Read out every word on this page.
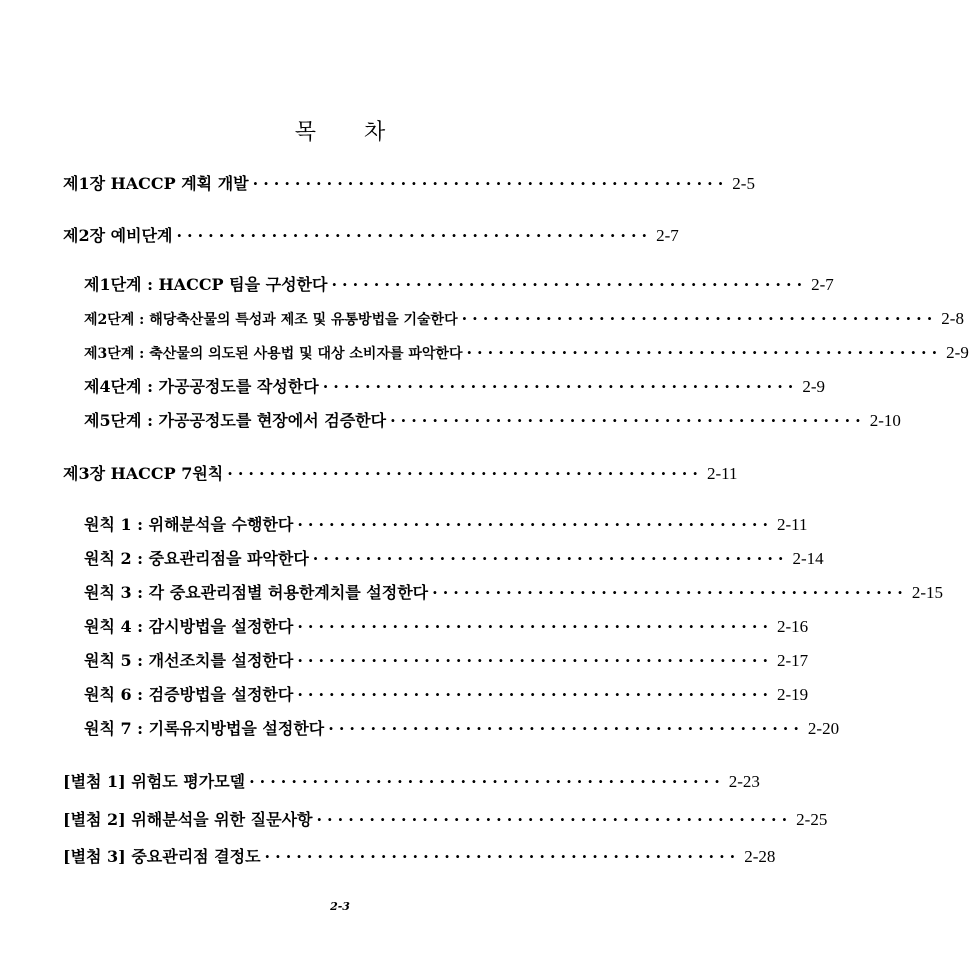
목 차
제1장 HACCP 계획 개발 ············································· 2-5
제2장 예비단계 ············································· 2-7
제1단계 : HACCP 팀을 구성한다 ············································· 2-7
제2단계 : 해당축산물의 특성과 제조 및 유통방법을 기술한다 ············································· 2-8
제3단계 : 축산물의 의도된 사용법 및 대상 소비자를 파악한다 ············································· 2-9
제4단계 : 가공공정도를 작성한다 ············································· 2-9
제5단계 : 가공공정도를 현장에서 검증한다 ············································· 2-10
제3장 HACCP 7원칙 ············································· 2-11
원칙 1 : 위해분석을 수행한다 ············································· 2-11
원칙 2 : 중요관리점을 파악한다 ············································· 2-14
원칙 3 : 각 중요관리점별 허용한계치를 설정한다 ············································· 2-15
원칙 4 : 감시방법을 설정한다 ············································· 2-16
원칙 5 : 개선조치를 설정한다 ············································· 2-17
원칙 6 : 검증방법을 설정한다 ············································· 2-19
원칙 7 : 기록유지방법을 설정한다 ············································· 2-20
[별첨 1] 위험도 평가모델 ············································· 2-23
[별첨 2] 위해분석을 위한 질문사항 ············································· 2-25
[별첨 3] 중요관리점 결정도 ············································· 2-28
2-3
